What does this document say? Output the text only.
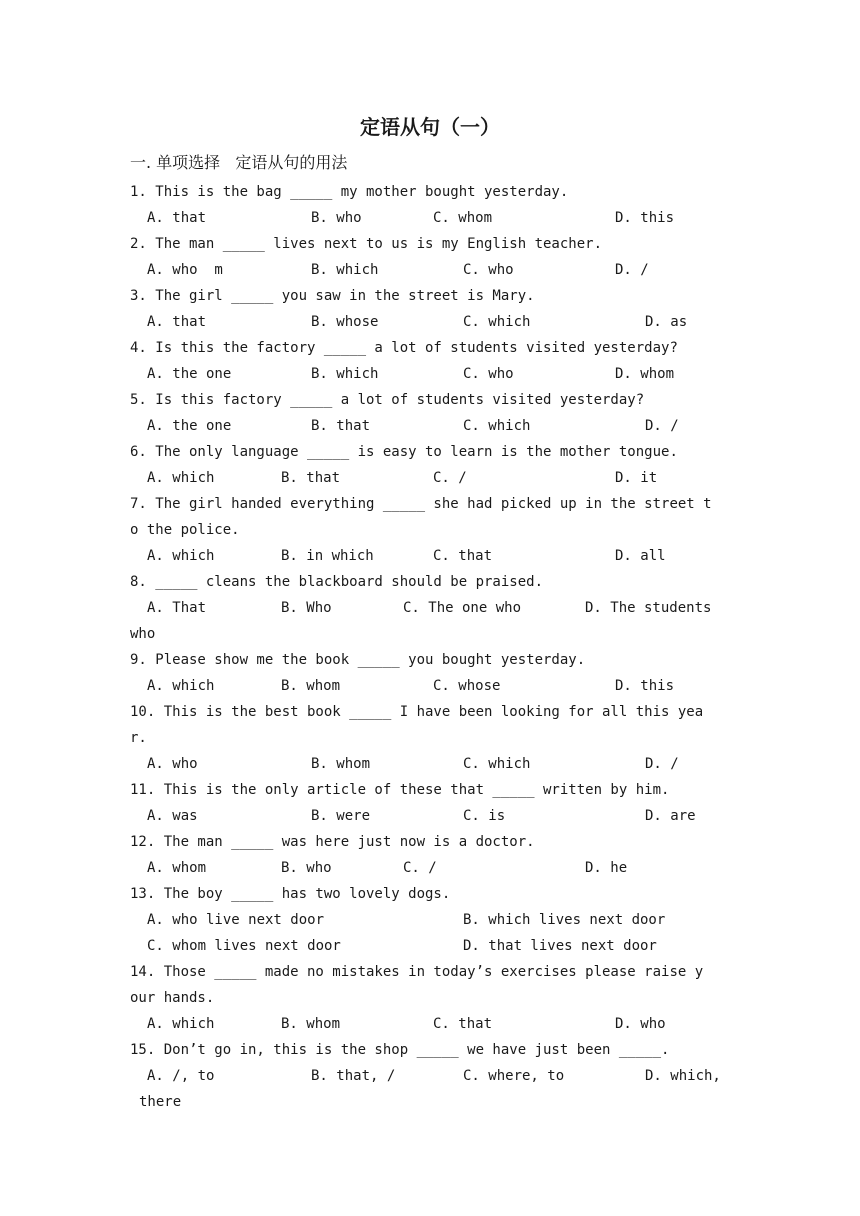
定语从句（一）
一. 单项选择   定语从句的用法
1. This is the bag _____ my mother bought yesterday.
A. that	B. who	C. whom	D. this
2. The man _____ lives next to us is my English teacher.
A. who  m	B. which	C. who	D. /
3. The girl _____ you saw in the street is Mary.
A. that	B. whose	C. which	D. as
4. Is this the factory _____ a lot of students visited yesterday?
A. the one	B. which	C. who	D. whom
5. Is this factory _____ a lot of students visited yesterday?
A. the one	B. that	C. which	D. /
6. The only language _____ is easy to learn is the mother tongue.
A. which	B. that	C. /	D. it
7. The girl handed everything _____ she had picked up in the street t
o the police.
A. which	B. in which	C. that	D. all
8. _____ cleans the blackboard should be praised.
A. That	B. Who	C. The one who	D. The students
who
9. Please show me the book _____ you bought yesterday.
A. which	B. whom	C. whose	D. this
10. This is the best book _____ I have been looking for all this yea
r.
A. who	B. whom	C. which	D. /
11. This is the only article of these that _____ written by him.
A. was	B. were	C. is	D. are
12. The man _____ was here just now is a doctor.
A. whom	B. who	C. /	D. he
13. The boy _____ has two lovely dogs.
A. who live next door	B. which lives next door
C. whom lives next door	D. that lives next door
14. Those _____ made no mistakes in today’s exercises please raise y
our hands.
A. which	B. whom	C. that	D. who
15. Don’t go in, this is the shop _____ we have just been _____.
A. /, to	B. that, /	C. where, to	D. which,
there
